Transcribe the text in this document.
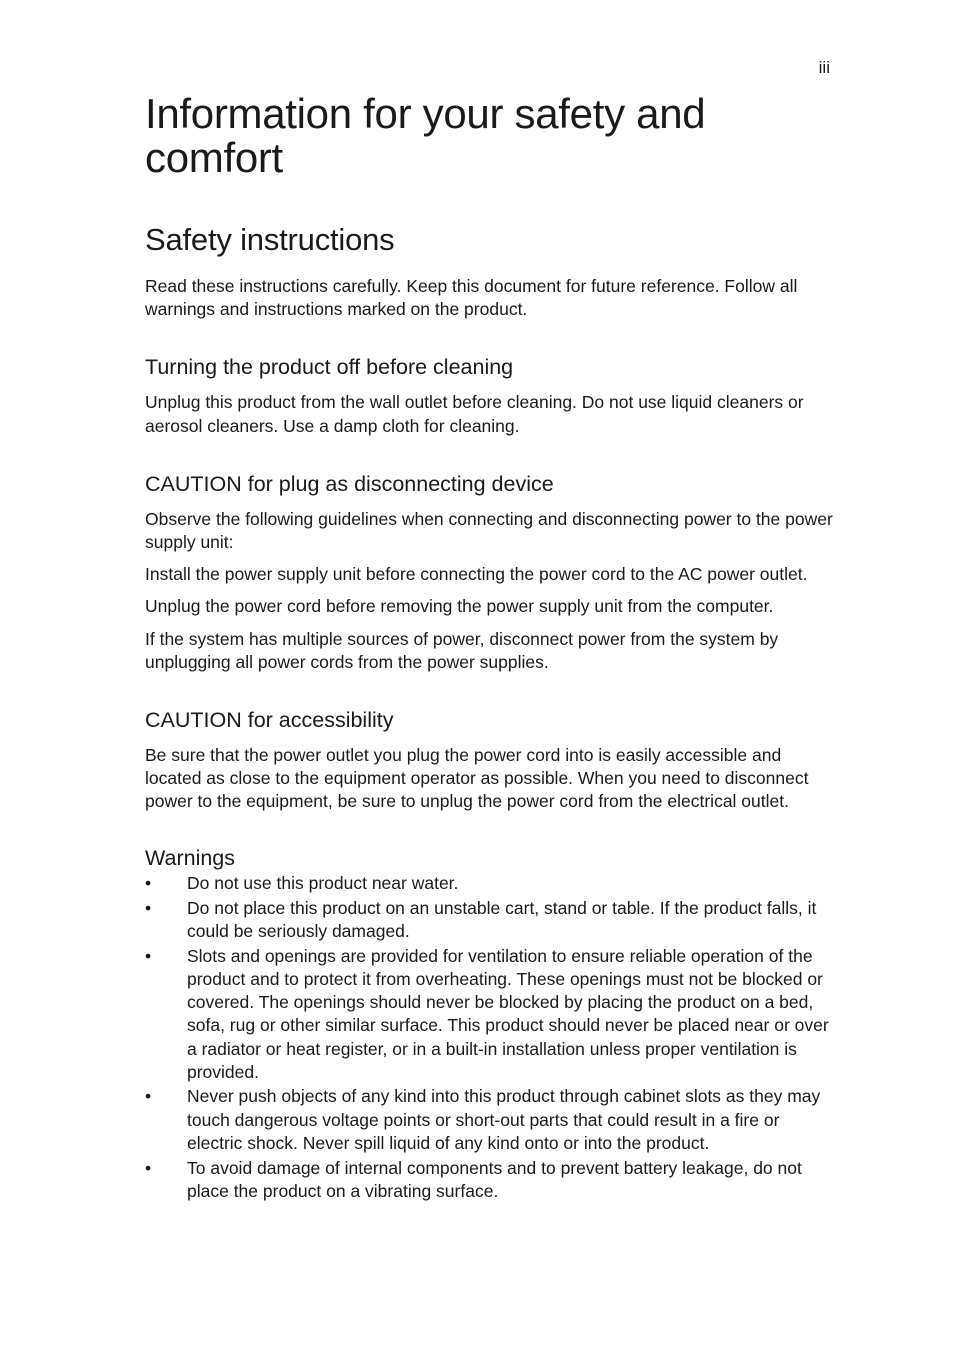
iii
Information for your safety and comfort
Safety instructions

Read these instructions carefully. Keep this document for future reference. Follow all warnings and instructions marked on the product.

Turning the product off before cleaning

Unplug this product from the wall outlet before cleaning. Do not use liquid cleaners or aerosol cleaners. Use a damp cloth for cleaning.

CAUTION for plug as disconnecting device

Observe the following guidelines when connecting and disconnecting power to the power supply unit:

Install the power supply unit before connecting the power cord to the AC power outlet.

Unplug the power cord before removing the power supply unit from the computer.

If the system has multiple sources of power, disconnect power from the system by unplugging all power cords from the power supplies.

CAUTION for accessibility

Be sure that the power outlet you plug the power cord into is easily accessible and located as close to the equipment operator as possible. When you need to disconnect power to the equipment, be sure to unplug the power cord from the electrical outlet.

Warnings
• Do not use this product near water.
• Do not place this product on an unstable cart, stand or table. If the product falls, it could be seriously damaged.
• Slots and openings are provided for ventilation to ensure reliable operation of the product and to protect it from overheating. These openings must not be blocked or covered. The openings should never be blocked by placing the product on a bed, sofa, rug or other similar surface. This product should never be placed near or over a radiator or heat register, or in a built-in installation unless proper ventilation is provided.
• Never push objects of any kind into this product through cabinet slots as they may touch dangerous voltage points or short-out parts that could result in a fire or electric shock. Never spill liquid of any kind onto or into the product.
• To avoid damage of internal components and to prevent battery leakage, do not place the product on a vibrating surface.
